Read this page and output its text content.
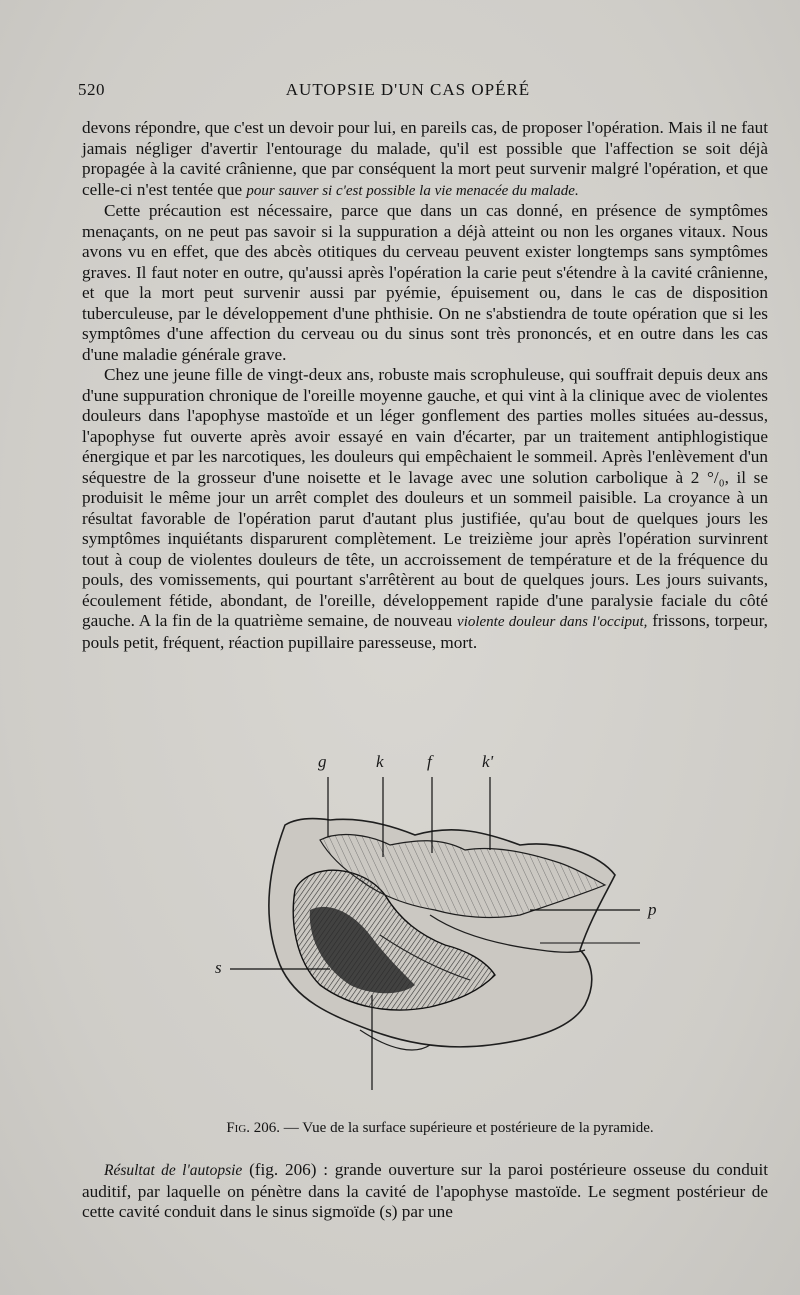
520	AUTOPSIE D'UN CAS OPÉRÉ

devons répondre, que c'est un devoir pour lui, en pareils cas, de proposer l'opération. Mais il ne faut jamais négliger d'avertir l'entourage du malade, qu'il est possible que l'affection se soit déjà propagée à la cavité crânienne, que par conséquent la mort peut survenir malgré l'opération, et que celle-ci n'est tentée que pour sauver si c'est possible la vie menacée du malade.

Cette précaution est nécessaire, parce que dans un cas donné, en présence de symptômes menaçants, on ne peut pas savoir si la suppuration a déjà atteint ou non les organes vitaux. Nous avons vu en effet, que des abcès otitiques du cerveau peuvent exister longtemps sans symptômes graves. Il faut noter en outre, qu'aussi après l'opération la carie peut s'étendre à la cavité crânienne, et que la mort peut survenir aussi par pyémie, épuisement ou, dans le cas de disposition tuberculeuse, par le développement d'une phthisie. On ne s'abstiendra de toute opération que si les symptômes d'une affection du cerveau ou du sinus sont très prononcés, et en outre dans les cas d'une maladie générale grave.

Chez une jeune fille de vingt-deux ans, robuste mais scrophuleuse, qui souffrait depuis deux ans d'une suppuration chronique de l'oreille moyenne gauche, et qui vint à la clinique avec de violentes douleurs dans l'apophyse mastoïde et un léger gonflement des parties molles situées au-dessus, l'apophyse fut ouverte après avoir essayé en vain d'écarter, par un traitement antiphlogistique énergique et par les narcotiques, les douleurs qui empêchaient le sommeil. Après l'enlèvement d'un séquestre de la grosseur d'une noisette et le lavage avec une solution carbolique à 2 °/₀, il se produisit le même jour un arrêt complet des douleurs et un sommeil paisible. La croyance à un résultat favorable de l'opération parut d'autant plus justifiée, qu'au bout de quelques jours les symptômes inquiétants disparurent complètement. Le treizième jour après l'opération survinrent tout à coup de violentes douleurs de tête, un accroissement de température et de la fréquence du pouls, des vomissements, qui pourtant s'arrêtèrent au bout de quelques jours. Les jours suivants, écoulement fétide, abondant, de l'oreille, développement rapide d'une paralysie faciale du côté gauche. A la fin de la quatrième semaine, de nouveau violente douleur dans l'occiput, frissons, torpeur, pouls petit, fréquent, réaction pupillaire paresseuse, mort.

g	k	f	k'
p
s
Fig. 206. — Vue de la surface supérieure et postérieure de la pyramide.

Résultat de l'autopsie (fig. 206) : grande ouverture sur la paroi postérieure osseuse du conduit auditif, par laquelle on pénètre dans la cavité de l'apophyse mastoïde. Le segment postérieur de cette cavité conduit dans le sinus sigmoïde (s) par une
